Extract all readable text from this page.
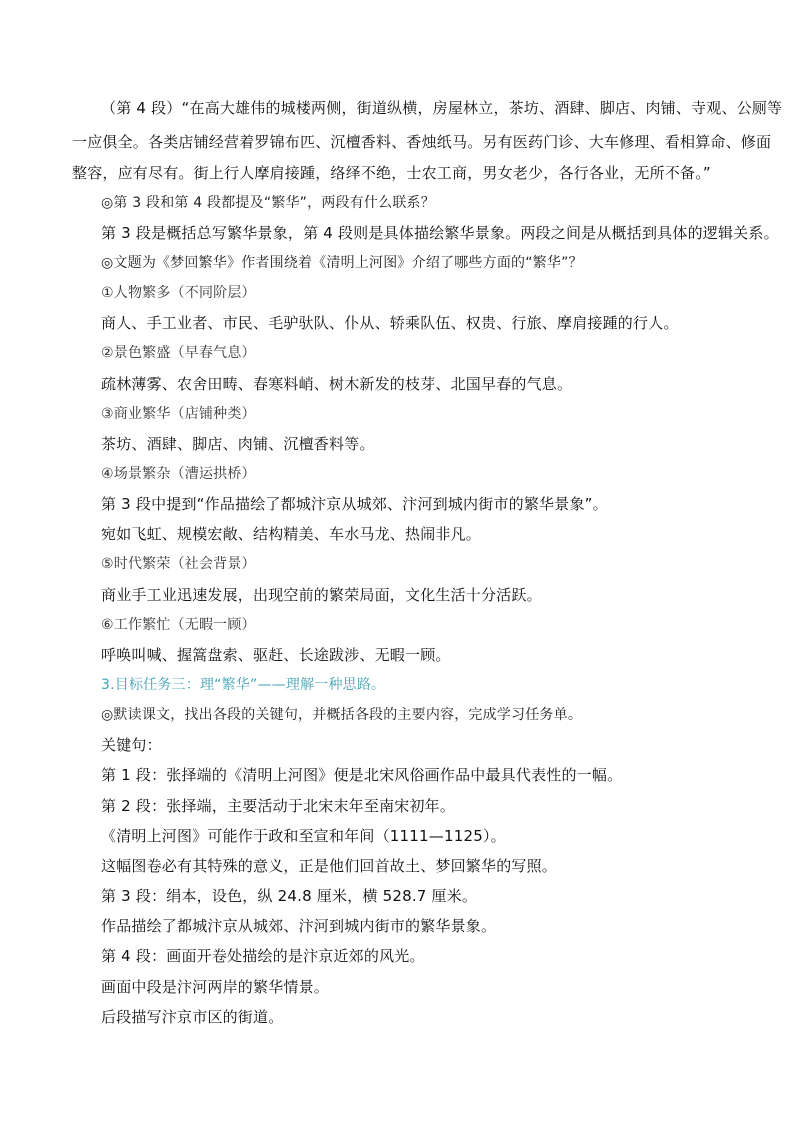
（第 4 段）“在高大雄伟的城楼两侧，街道纵横，房屋林立，茶坊、酒肆、脚店、肉铺、寺观、公厕等
一应俱全。各类店铺经营着罗锦布匹、沉檀香料、香烛纸马。另有医药门诊、大车修理、看相算命、修面
整容，应有尽有。街上行人摩肩接踵，络绎不绝，士农工商，男女老少，各行各业，无所不备。”
◎第 3 段和第 4 段都提及“繁华”，两段有什么联系？
第 3 段是概括总写繁华景象，第 4 段则是具体描绘繁华景象。两段之间是从概括到具体的逻辑关系。
◎文题为《梦回繁华》作者围绕着《清明上河图》介绍了哪些方面的“繁华”？
①人物繁多（不同阶层）
商人、手工业者、市民、毛驴驮队、仆从、轿乘队伍、权贵、行旅、摩肩接踵的行人。
②景色繁盛（早春气息）
疏林薄雾、农舍田畴、春寒料峭、树木新发的枝芽、北国早春的气息。
③商业繁华（店铺种类）
茶坊、酒肆、脚店、肉铺、沉檀香料等。
④场景繁杂（漕运拱桥）
第 3 段中提到“作品描绘了都城汴京从城郊、汴河到城内街市的繁华景象”。
宛如飞虹、规模宏敞、结构精美、车水马龙、热闹非凡。
⑤时代繁荣（社会背景）
商业手工业迅速发展，出现空前的繁荣局面，文化生活十分活跃。
⑥工作繁忙（无暇一顾）
呼唤叫喊、握篙盘索、驱赶、长途跋涉、无暇一顾。
3.目标任务三：理“繁华”——理解一种思路。
◎默读课文，找出各段的关键句，并概括各段的主要内容，完成学习任务单。
关键句：
第 1 段：张择端的《清明上河图》便是北宋风俗画作品中最具代表性的一幅。
第 2 段：张择端，主要活动于北宋末年至南宋初年。
《清明上河图》可能作于政和至宣和年间（1111—1125）。
这幅图卷必有其特殊的意义，正是他们回首故土、梦回繁华的写照。
第 3 段：绢本，设色，纵 24.8 厘米，横 528.7 厘米。
作品描绘了都城汴京从城郊、汴河到城内街市的繁华景象。
第 4 段：画面开卷处描绘的是汴京近郊的风光。
画面中段是汴河两岸的繁华情景。
后段描写汴京市区的街道。
